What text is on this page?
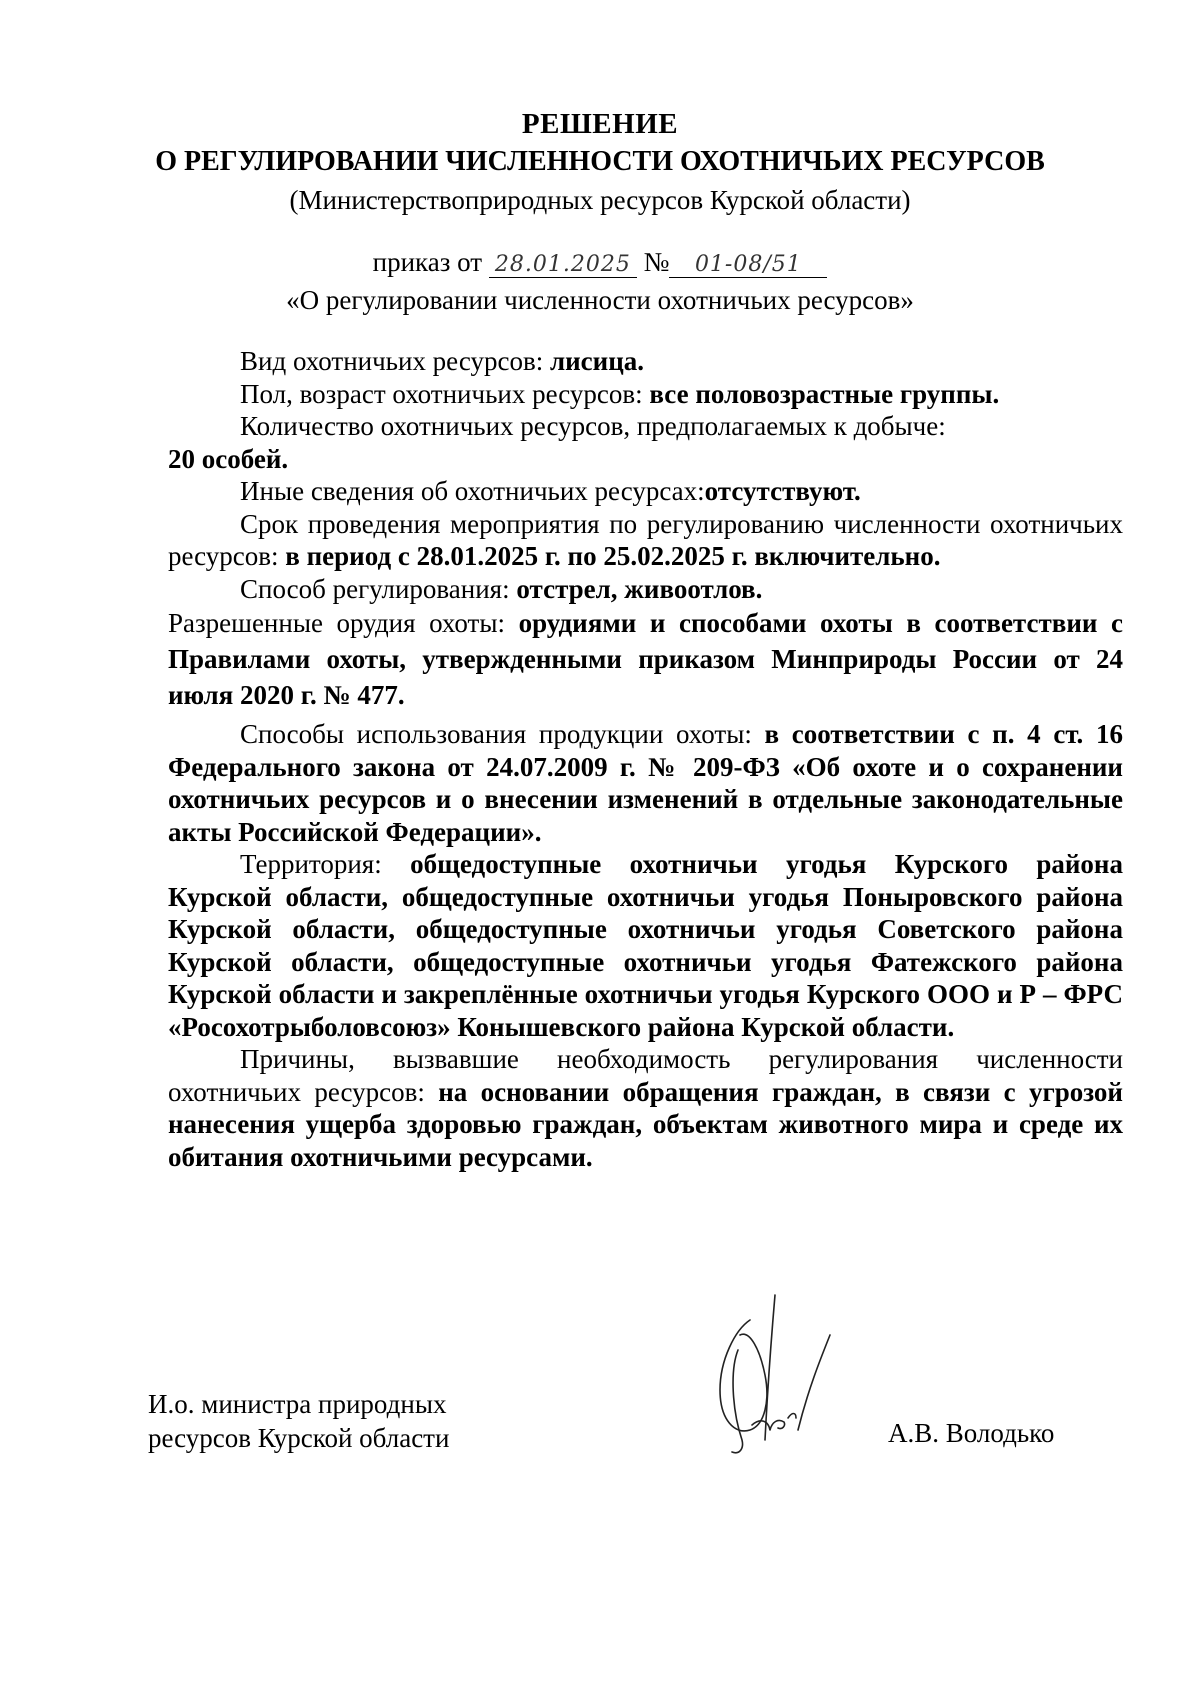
РЕШЕНИЕ
О РЕГУЛИРОВАНИИ ЧИСЛЕННОСТИ ОХОТНИЧЬИХ РЕСУРСОВ
(Министерствоприродных ресурсов Курской области)
приказ от 28.01.2025 № 01-08/51
«О регулировании численности охотничьих ресурсов»

Вид охотничьих ресурсов: лисица.

Пол, возраст охотничьих ресурсов: все половозрастные группы.

Количество охотничьих ресурсов, предполагаемых к добыче:

20 особей.

Иные сведения об охотничьих ресурсах:отсутствуют.

Срок проведения мероприятия по регулированию численности охотничьих ресурсов: в период с 28.01.2025 г. по 25.02.2025 г. включительно.

Способ регулирования: отстрел, живоотлов.

Разрешенные орудия охоты: орудиями и способами охоты в соответствии с Правилами охоты, утвержденными приказом Минприроды России от 24 июля 2020 г. № 477.

Способы использования продукции охоты: в соответствии с п. 4 ст. 16 Федерального закона от 24.07.2009 г. № 209-ФЗ «Об охоте и о сохранении охотничьих ресурсов и о внесении изменений в отдельные законодательные акты Российской Федерации».

Территория: общедоступные охотничьи угодья Курского района Курской области, общедоступные охотничьи угодья Поныровского района Курской области, общедоступные охотничьи угодья Советского района Курской области, общедоступные охотничьи угодья Фатежского района Курской области и закреплённые охотничьи угодья Курского ООО и Р – ФРС «Росохотрыболовсоюз» Конышевского района Курской области.

Причины, вызвавшие необходимость регулирования численности охотничьих ресурсов: на основании обращения граждан, в связи с угрозой нанесения ущерба здоровью граждан, объектам животного мира и среде их обитания охотничьими ресурсами.

И.о. министра природных
ресурсов Курской области	А.В. Володько
